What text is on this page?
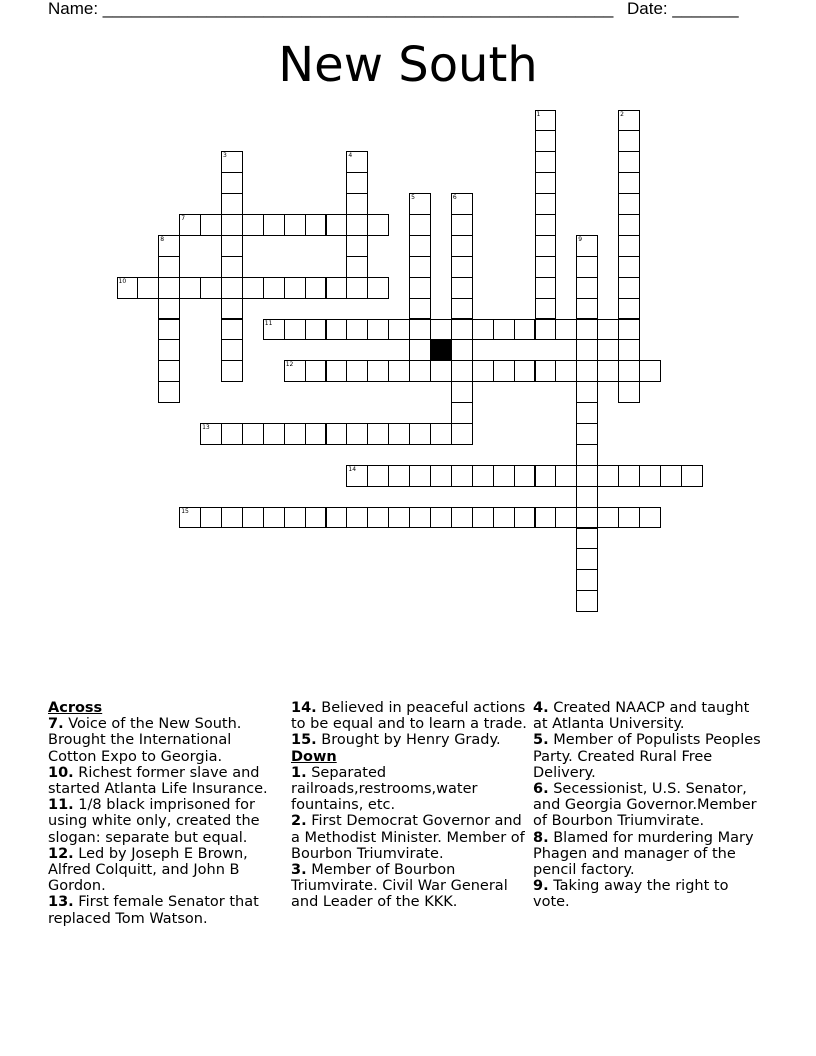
Name: ______________________________________________________ Date: _______
New South
1	2
3	4
5	6
7
8	9
10
11
12
13
14
15
Across

7. Voice of the New South. Brought the International Cotton Expo to Georgia.

10. Richest former slave and started Atlanta Life Insurance.

11. 1/8 black imprisoned for using white only, created the slogan: separate but equal.

12. Led by Joseph E Brown, Alfred Colquitt, and John B Gordon.

13. First female Senator that replaced Tom Watson.

14. Believed in peaceful actions to be equal and to learn a trade.

15. Brought by Henry Grady.

Down

1. Separated railroads,restrooms,water fountains, etc.

2. First Democrat Governor and a Methodist Minister. Member of Bourbon Triumvirate.

3. Member of Bourbon Triumvirate. Civil War General and Leader of the KKK.

4. Created NAACP and taught at Atlanta University.

5. Member of Populists Peoples Party. Created Rural Free Delivery.

6. Secessionist, U.S. Senator, and Georgia Governor.Member of Bourbon Triumvirate.

8. Blamed for murdering Mary Phagen and manager of the pencil factory.

9. Taking away the right to vote.
